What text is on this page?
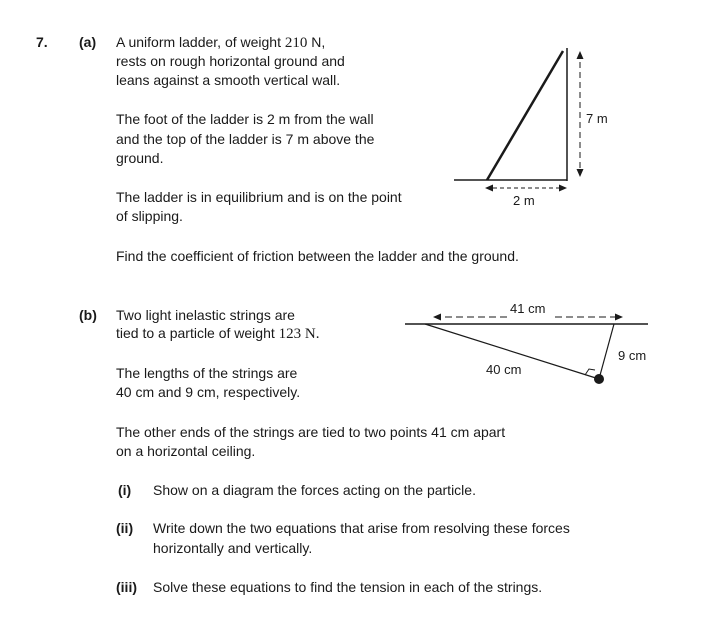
7. (a) A uniform ladder, of weight 210 N,
rests on rough horizontal ground and
leans against a smooth vertical wall.
The foot of the ladder is 2 m from the wall
and the top of the ladder is 7 m above the
ground.
The ladder is in equilibrium and is on the point
of slipping.
Find the coefficient of friction between the ladder and the ground.
(b) Two light inelastic strings are
tied to a particle of weight 123 N.
The lengths of the strings are
40 cm and 9 cm, respectively.
The other ends of the strings are tied to two points 41 cm apart
on a horizontal ceiling.
(i) Show on a diagram the forces acting on the particle.
(ii) Write down the two equations that arise from resolving these forces
horizontally and vertically.
(iii) Solve these equations to find the tension in each of the strings.
7 m
2 m
41 cm
40 cm
9 cm
